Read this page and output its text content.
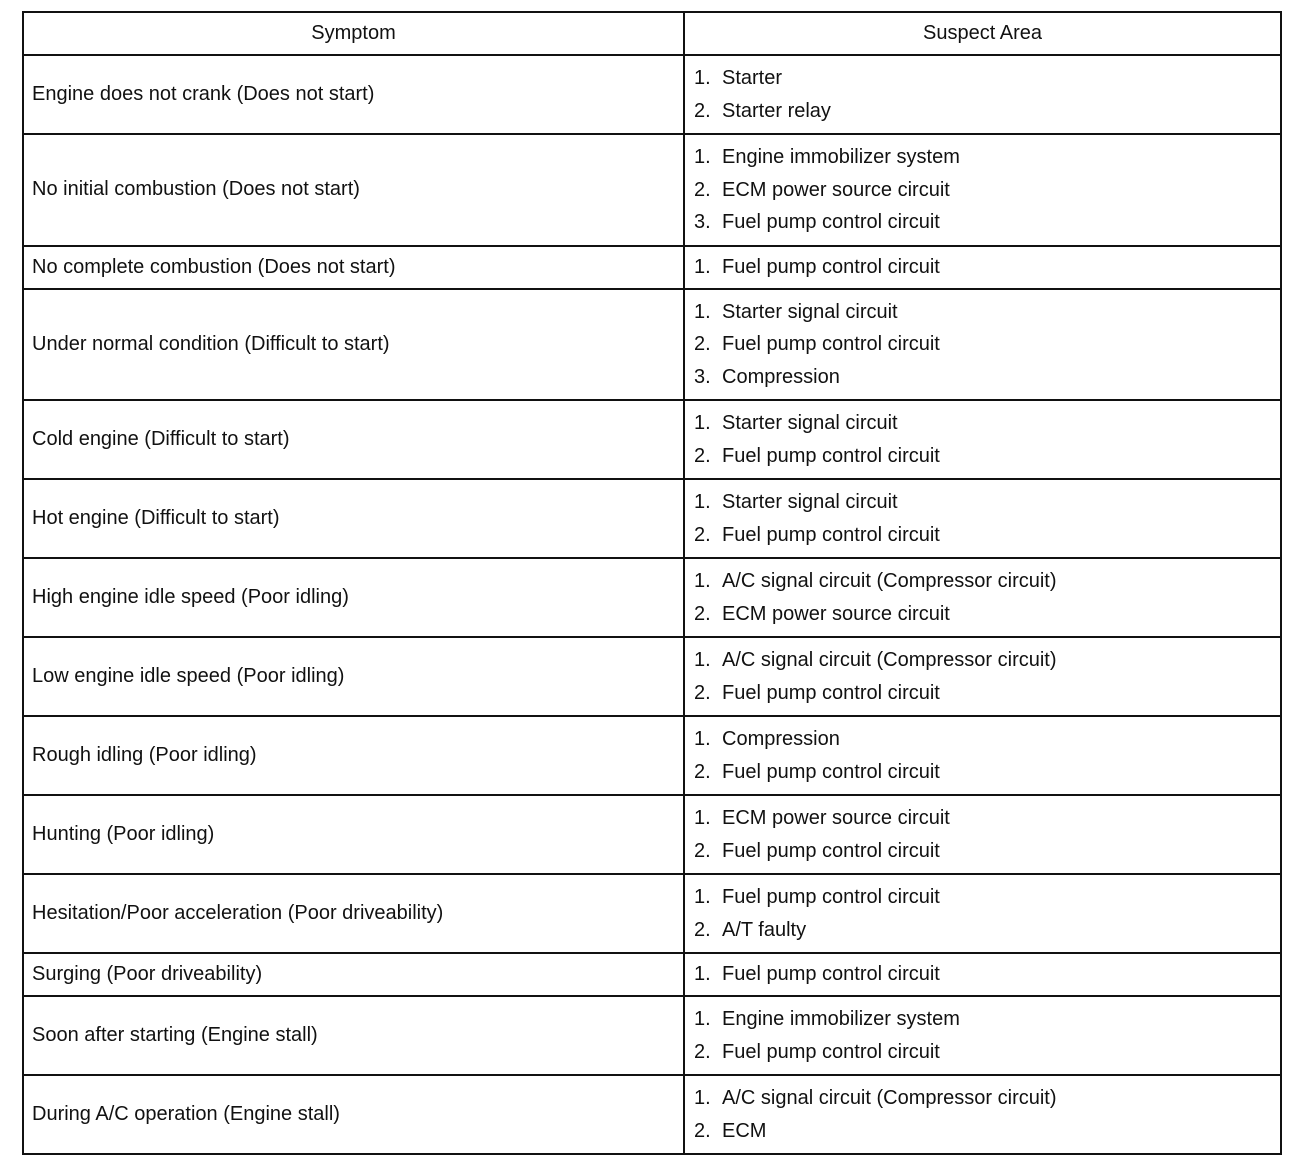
Symptom	Suspect Area
Engine does not crank (Does not start)	1. Starter
2. Starter relay

No initial combustion (Does not start)	1. Engine immobilizer system
2. ECM power source circuit
3. Fuel pump control circuit

No complete combustion (Does not start)	1. Fuel pump control circuit

Under normal condition (Difficult to start)	1. Starter signal circuit
2. Fuel pump control circuit
3. Compression

Cold engine (Difficult to start)	1. Starter signal circuit
2. Fuel pump control circuit

Hot engine (Difficult to start)	1. Starter signal circuit
2. Fuel pump control circuit

High engine idle speed (Poor idling)	1. A/C signal circuit (Compressor circuit)
2. ECM power source circuit

Low engine idle speed (Poor idling)	1. A/C signal circuit (Compressor circuit)
2. Fuel pump control circuit

Rough idling (Poor idling)	1. Compression
2. Fuel pump control circuit

Hunting (Poor idling)	1. ECM power source circuit
2. Fuel pump control circuit

Hesitation/Poor acceleration (Poor driveability)	1. Fuel pump control circuit
2. A/T faulty

Surging (Poor driveability)	1. Fuel pump control circuit

Soon after starting (Engine stall)	1. Engine immobilizer system
2. Fuel pump control circuit

During A/C operation (Engine stall)	1. A/C signal circuit (Compressor circuit)
2. ECM
